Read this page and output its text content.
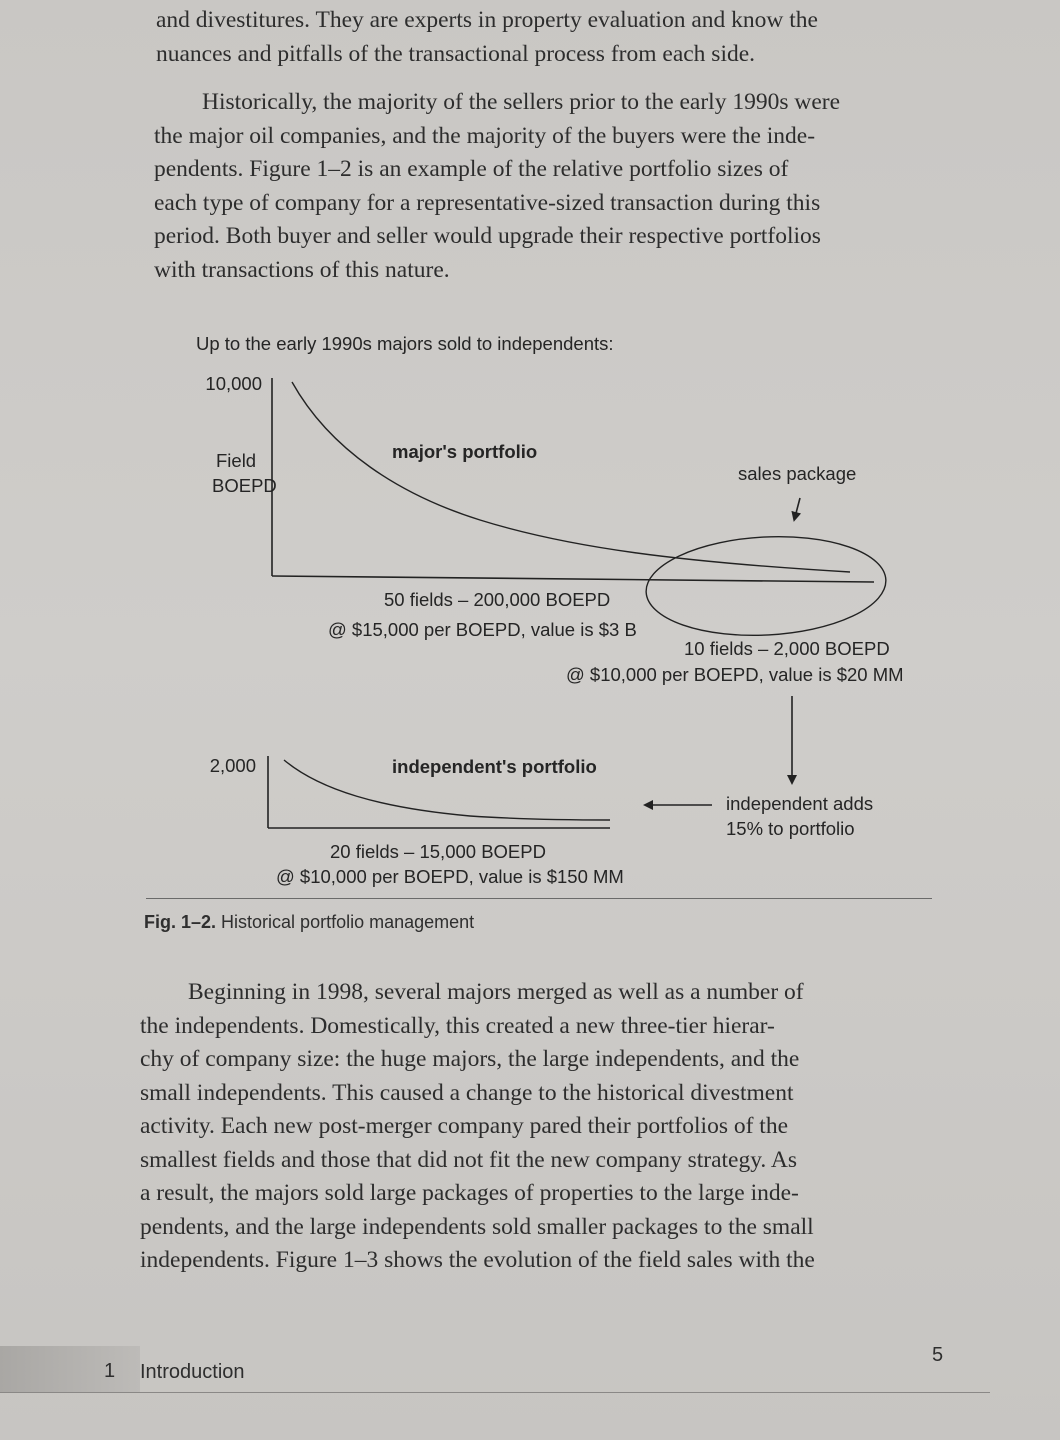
and divestitures. They are experts in property evaluation and know the
nuances and pitfalls of the transactional process from each side.

Historically, the majority of the sellers prior to the early 1990s were
the major oil companies, and the majority of the buyers were the inde-
pendents. Figure 1–2 is an example of the relative portfolio sizes of
each type of company for a representative-sized transaction during this
period. Both buyer and seller would upgrade their respective portfolios
with transactions of this nature.

Up to the early 1990s majors sold to independents:
10,000
Field
BOEPD
major's portfolio
sales package
50 fields – 200,000 BOEPD
@ $15,000 per BOEPD, value is $3 B
10 fields – 2,000 BOEPD
@ $10,000 per BOEPD, value is $20 MM
2,000	independent's portfolio
independent adds
15% to portfolio
20 fields – 15,000 BOEPD
@ $10,000 per BOEPD, value is $150 MM
Fig. 1–2. Historical portfolio management

Beginning in 1998, several majors merged as well as a number of
the independents. Domestically, this created a new three-tier hierar-
chy of company size: the huge majors, the large independents, and the
small independents. This caused a change to the historical divestment
activity. Each new post-merger company pared their portfolios of the
smallest fields and those that did not fit the new company strategy. As
a result, the majors sold large packages of properties to the large inde-
pendents, and the large independents sold smaller packages to the small
independents. Figure 1–3 shows the evolution of the field sales with the

1 Introduction
5
